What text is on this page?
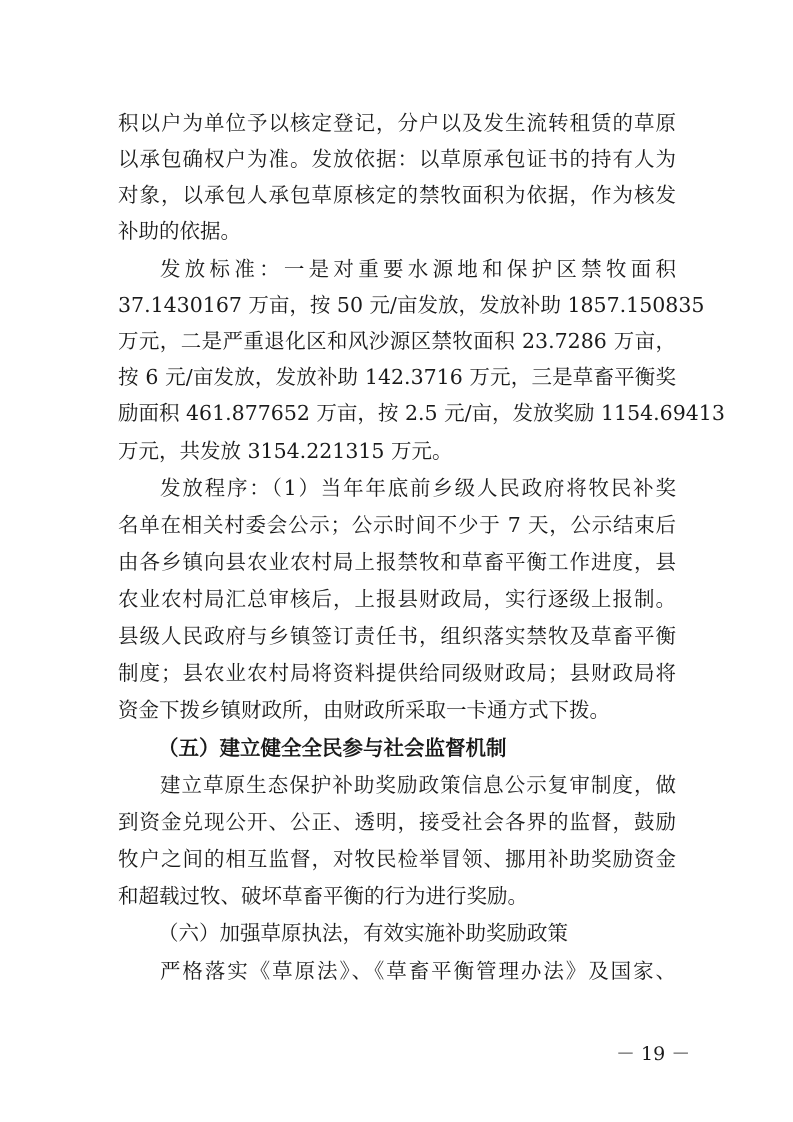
积以户为单位予以核定登记，分户以及发生流转租赁的草原
以承包确权户为准。发放依据：以草原承包证书的持有人为
对象，以承包人承包草原核定的禁牧面积为依据，作为核发
补助的依据。
发放标准：一是对重要水源地和保护区禁牧面积
37.1430167 万亩，按 50 元/亩发放，发放补助 1857.150835
万元，二是严重退化区和风沙源区禁牧面积 23.7286 万亩，
按 6 元/亩发放，发放补助 142.3716 万元，三是草畜平衡奖
励面积 461.877652 万亩，按 2.5 元/亩，发放奖励 1154.69413
万元，共发放 3154.221315 万元。
发放程序：（1）当年年底前乡级人民政府将牧民补奖
名单在相关村委会公示；公示时间不少于 7 天，公示结束后
由各乡镇向县农业农村局上报禁牧和草畜平衡工作进度，县
农业农村局汇总审核后，上报县财政局，实行逐级上报制。
县级人民政府与乡镇签订责任书，组织落实禁牧及草畜平衡
制度；县农业农村局将资料提供给同级财政局；县财政局将
资金下拨乡镇财政所，由财政所采取一卡通方式下拨。
（五）建立健全全民参与社会监督机制
建立草原生态保护补助奖励政策信息公示复审制度，做
到资金兑现公开、公正、透明，接受社会各界的监督，鼓励
牧户之间的相互监督，对牧民检举冒领、挪用补助奖励资金
和超载过牧、破坏草畜平衡的行为进行奖励。
（六）加强草原执法，有效实施补助奖励政策
严格落实《草原法》、《草畜平衡管理办法》及国家、
－ 19 －
